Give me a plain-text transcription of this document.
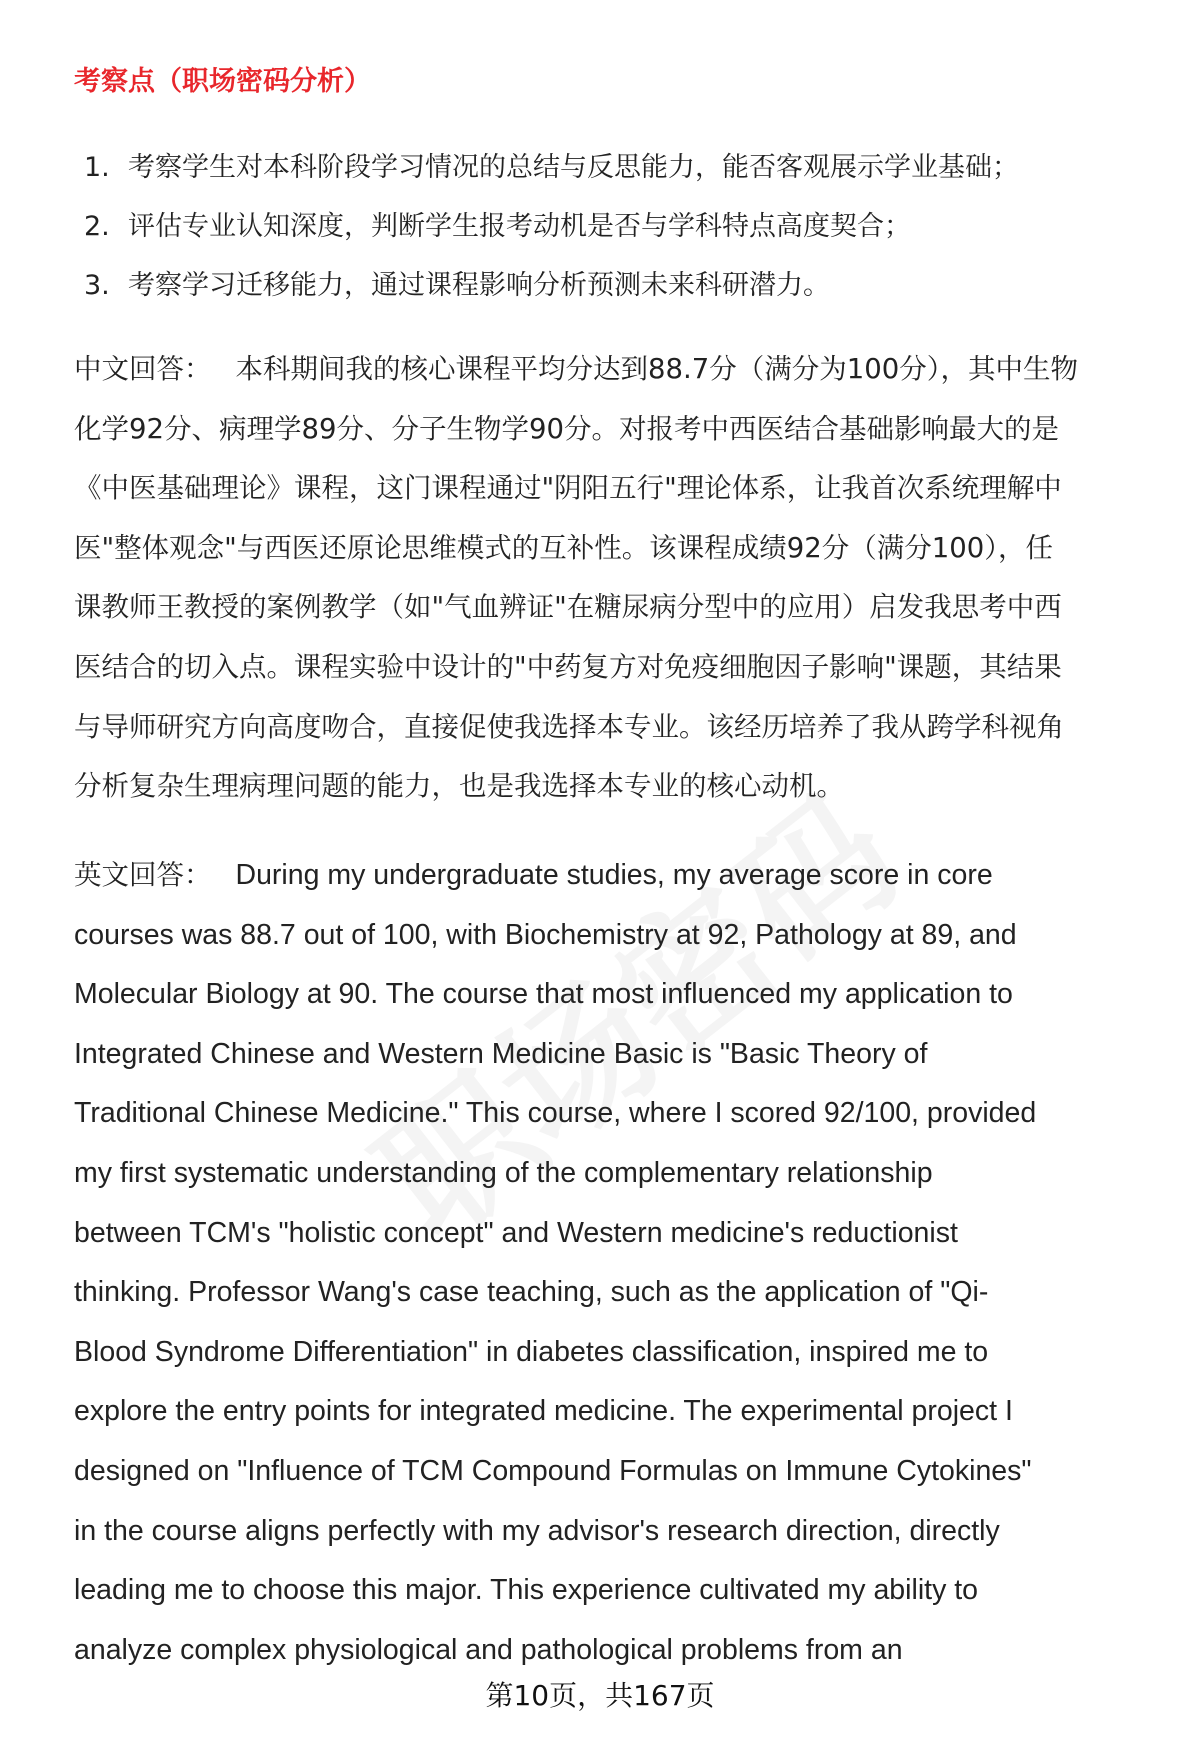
考察点（职场密码分析）
1. 考察学生对本科阶段学习情况的总结与反思能力，能否客观展示学业基础；
2. 评估专业认知深度，判断学生报考动机是否与学科特点高度契合；
3. 考察学习迁移能力，通过课程影响分析预测未来科研潜力。
中文回答： 本科期间我的核心课程平均分达到88.7分（满分为100分），其中生物
化学92分、病理学89分、分子生物学90分。对报考中西医结合基础影响最大的是
《中医基础理论》课程，这门课程通过"阴阳五行"理论体系，让我首次系统理解中
医"整体观念"与西医还原论思维模式的互补性。该课程成绩92分（满分100），任
课教师王教授的案例教学（如"气血辨证"在糖尿病分型中的应用）启发我思考中西
医结合的切入点。课程实验中设计的"中药复方对免疫细胞因子影响"课题，其结果
与导师研究方向高度吻合，直接促使我选择本专业。该经历培养了我从跨学科视角
分析复杂生理病理问题的能力，也是我选择本专业的核心动机。
英文回答： During my undergraduate studies, my average score in core
courses was 88.7 out of 100, with Biochemistry at 92, Pathology at 89, and
Molecular Biology at 90. The course that most influenced my application to
Integrated Chinese and Western Medicine Basic is "Basic Theory of
Traditional Chinese Medicine." This course, where I scored 92/100, provided
my first systematic understanding of the complementary relationship
between TCM's "holistic concept" and Western medicine's reductionist
thinking. Professor Wang's case teaching, such as the application of "Qi-
Blood Syndrome Differentiation" in diabetes classification, inspired me to
explore the entry points for integrated medicine. The experimental project I
designed on "Influence of TCM Compound Formulas on Immune Cytokines"
in the course aligns perfectly with my advisor's research direction, directly
leading me to choose this major. This experience cultivated my ability to
analyze complex physiological and pathological problems from an
第10页，共167页
